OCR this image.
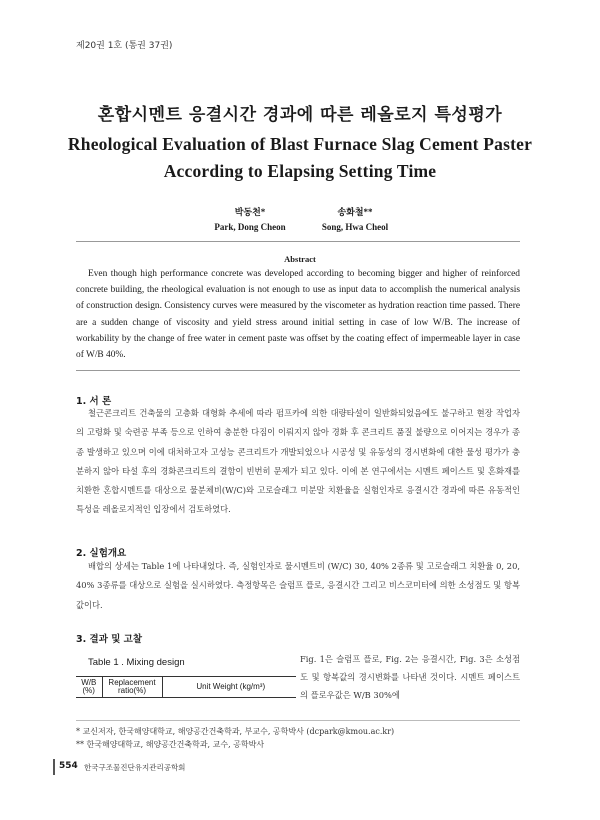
제20권 1호 (통권 37권)
혼합시멘트 응결시간 경과에 따른 레올로지 특성평가
Rheological Evaluation of Blast Furnace Slag Cement Paster
According to Elapsing Setting Time
박동천*
Park, Dong Cheon
송화철**
Song, Hwa Cheol
Abstract
Even though high performance concrete was developed according to becoming bigger and higher of reinforced concrete building, the rheological evaluation is not enough to use as input data to accomplish the numerical analysis of construction design. Consistency curves were measured by the viscometer as hydration reaction time passed. There are a sudden change of viscosity and yield stress around initial setting in case of low W/B. The increase of workability by the change of free water in cement paste was offset by the coating effect of impermeable layer in case of W/B 40%.
1. 서 론
철근콘크리트 건축물의 고층화 대형화 추세에 따라 펌프카에 의한 대량타설이 일반화되었음에도 불구하고 현장 작업자의 고령화 및 숙련공 부족 등으로 인하여 충분한 다짐이 이뤄지지 않아 경화 후 콘크리트 품질 불량으로 이어지는 경우가 종종 발생하고 있으며 이에 대처하고자 고성능 콘크리트가 개발되었으나 시공성 및 유동성의 경시변화에 대한 물성 평가가 충분하지 않아 타설 후의 경화콘크리트의 결함이 빈번히 문제가 되고 있다. 이에 본 연구에서는 시멘트 페이스트 및 혼화재를 치환한 혼합시멘트를 대상으로 물분체비(W/C)와 고로슬래그 미분말 치환율을 실험인자로 응결시간 경과에 따른 유동적인 특성을 레올로지적인 입장에서 검토하였다.
2. 실험개요
배합의 상세는 Table 1에 나타내었다. 즉, 실험인자로 물시멘트비 (W/C) 30, 40% 2종류 및 고로슬래그 치환율 0, 20, 40% 3종류를 대상으로 실험을 실시하였다. 측정항목은 슬럼프 플로, 응결시간 그리고 비스코미터에 의한 소성점도 및 항복값이다.
3. 결과 및 고찰
Table 1 . Mixing design
W/B (%)	Replacement ratio(%)	Unit Weight (kg/m³)
Fig. 1은 슬럼프 플로, Fig. 2는 응결시간, Fig. 3은 소성점도 및 항복값의 경시변화를 나타낸 것이다. 시멘트 페이스트의 플로우값은 W/B 30%에
* 교신저자, 한국해양대학교, 해양공간건축학과, 부교수, 공학박사 (dcpark@kmou.ac.kr)
** 한국해양대학교, 해양공간건축학과, 교수, 공학박사
554 한국구조물진단유지관리공학회
